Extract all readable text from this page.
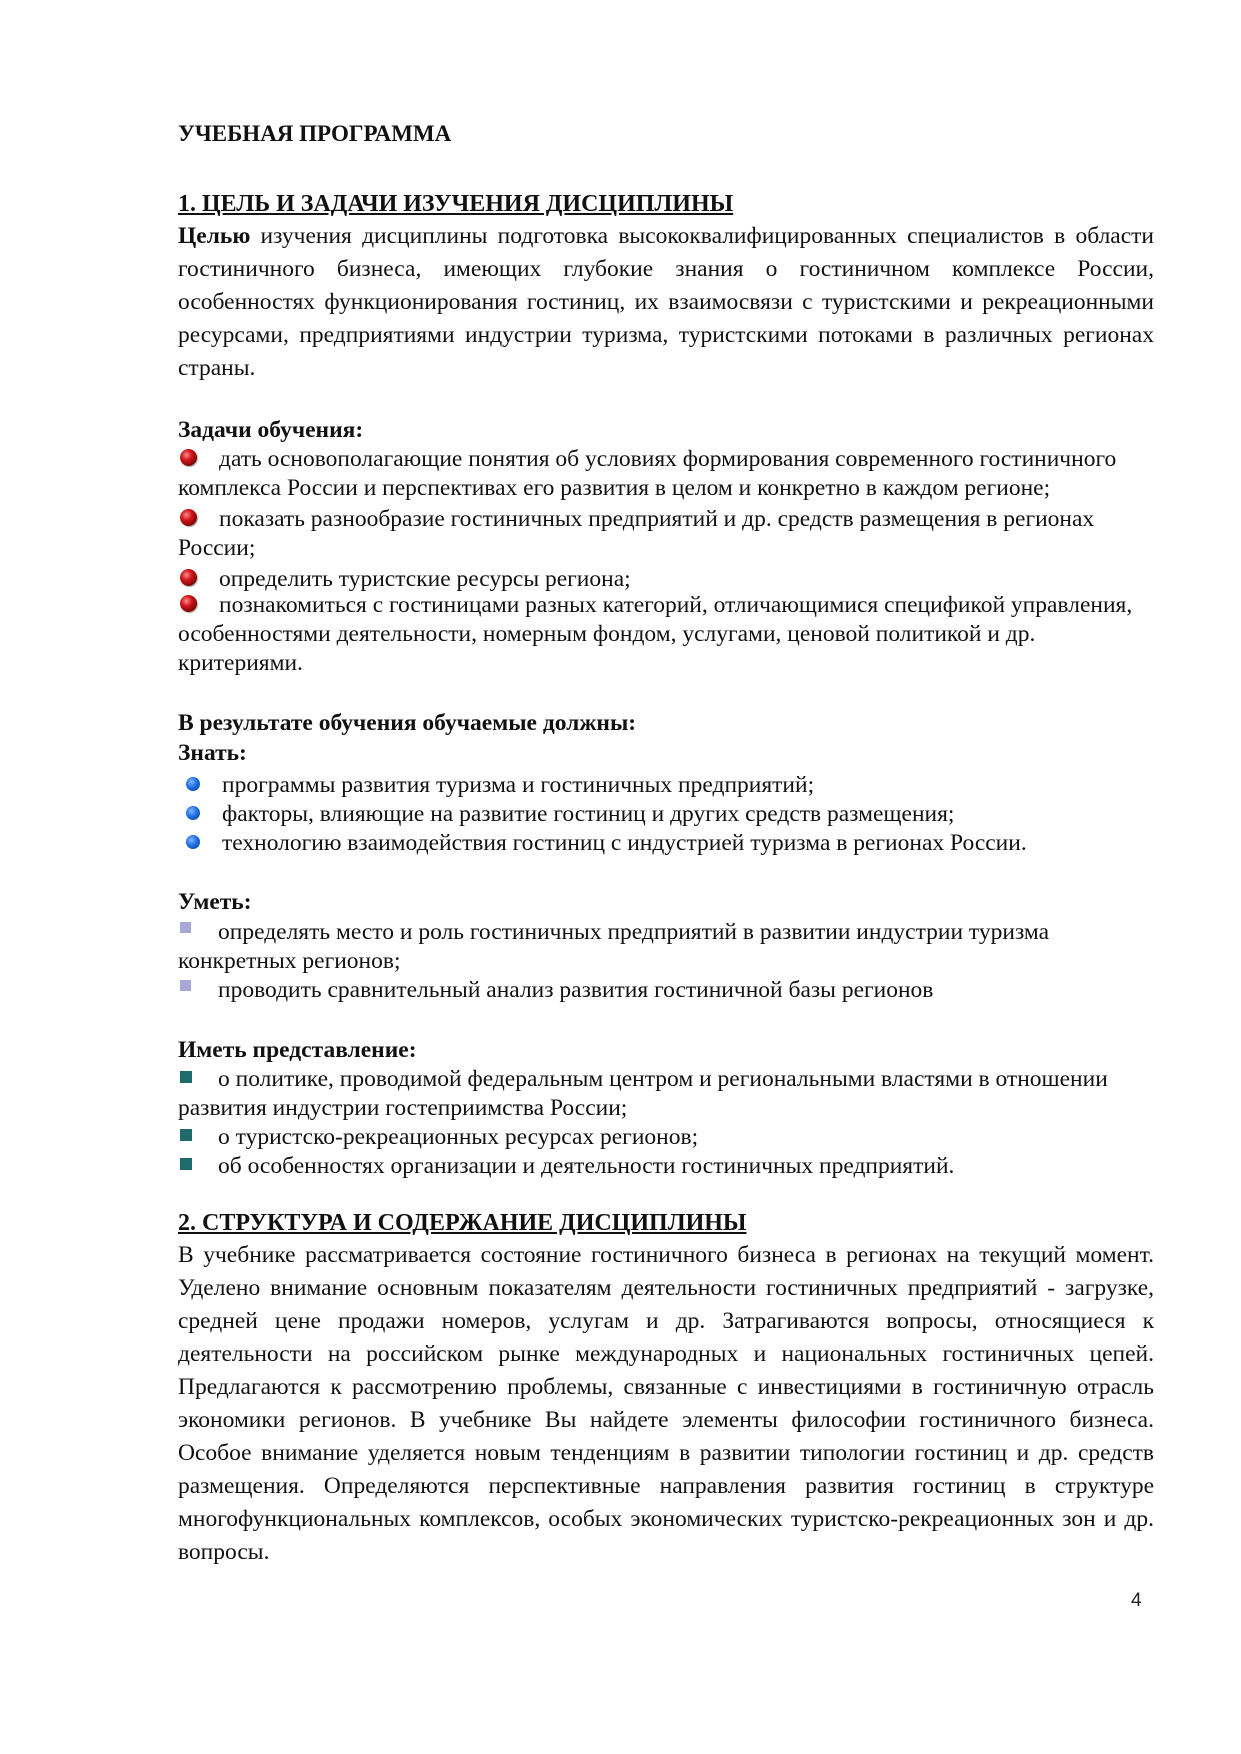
УЧЕБНАЯ ПРОГРАММА

1. ЦЕЛЬ И ЗАДАЧИ ИЗУЧЕНИЯ ДИСЦИПЛИНЫ

Целью изучения дисциплины подготовка высококвалифицированных специалистов в области гостиничного бизнеса, имеющих глубокие знания о гостиничном комплексе России, особенностях функционирования гостиниц, их взаимосвязи с туристскими и рекреационными ресурсами, предприятиями индустрии туризма, туристскими потоками в различных регионах страны.

Задачи обучения:

дать основополагающие понятия об условиях формирования современного гостиничного комплекса России и перспективах его развития в целом и конкретно в каждом регионе;
показать разнообразие гостиничных предприятий и др. средств размещения в регионах России;
определить туристские ресурсы региона;
познакомиться с гостиницами разных категорий, отличающимися спецификой управления, особенностями деятельности, номерным фондом, услугами, ценовой политикой и др. критериями.

В результате обучения обучаемые должны:

Знать:

программы развития туризма и гостиничных предприятий;
факторы, влияющие на развитие гостиниц и других средств размещения;
технологию взаимодействия гостиниц с индустрией туризма в регионах России.

Уметь:

определять место и роль гостиничных предприятий в развитии индустрии туризма конкретных регионов;
проводить сравнительный анализ развития гостиничной базы регионов

Иметь представление:

о политике, проводимой федеральным центром и региональными властями в отношении развития индустрии гостеприимства России;
о туристско-рекреационных ресурсах регионов;
об особенностях организации и деятельности гостиничных предприятий.

2. СТРУКТУРА И СОДЕРЖАНИЕ ДИСЦИПЛИНЫ

В учебнике рассматривается состояние гостиничного бизнеса в регионах на текущий момент. Уделено внимание основным показателям деятельности гостиничных предприятий - загрузке, средней цене продажи номеров, услугам и др. Затрагиваются вопросы, относящиеся к деятельности на российском рынке международных и национальных гостиничных цепей. Предлагаются к рассмотрению проблемы, связанные с инвестициями в гостиничную отрасль экономики регионов. В учебнике Вы найдете элементы философии гостиничного бизнеса. Особое внимание уделяется новым тенденциям в развитии типологии гостиниц и др. средств размещения. Определяются перспективные направления развития гостиниц в структуре многофункциональных комплексов, особых экономических туристско-рекреационных зон и др. вопросы.

4
